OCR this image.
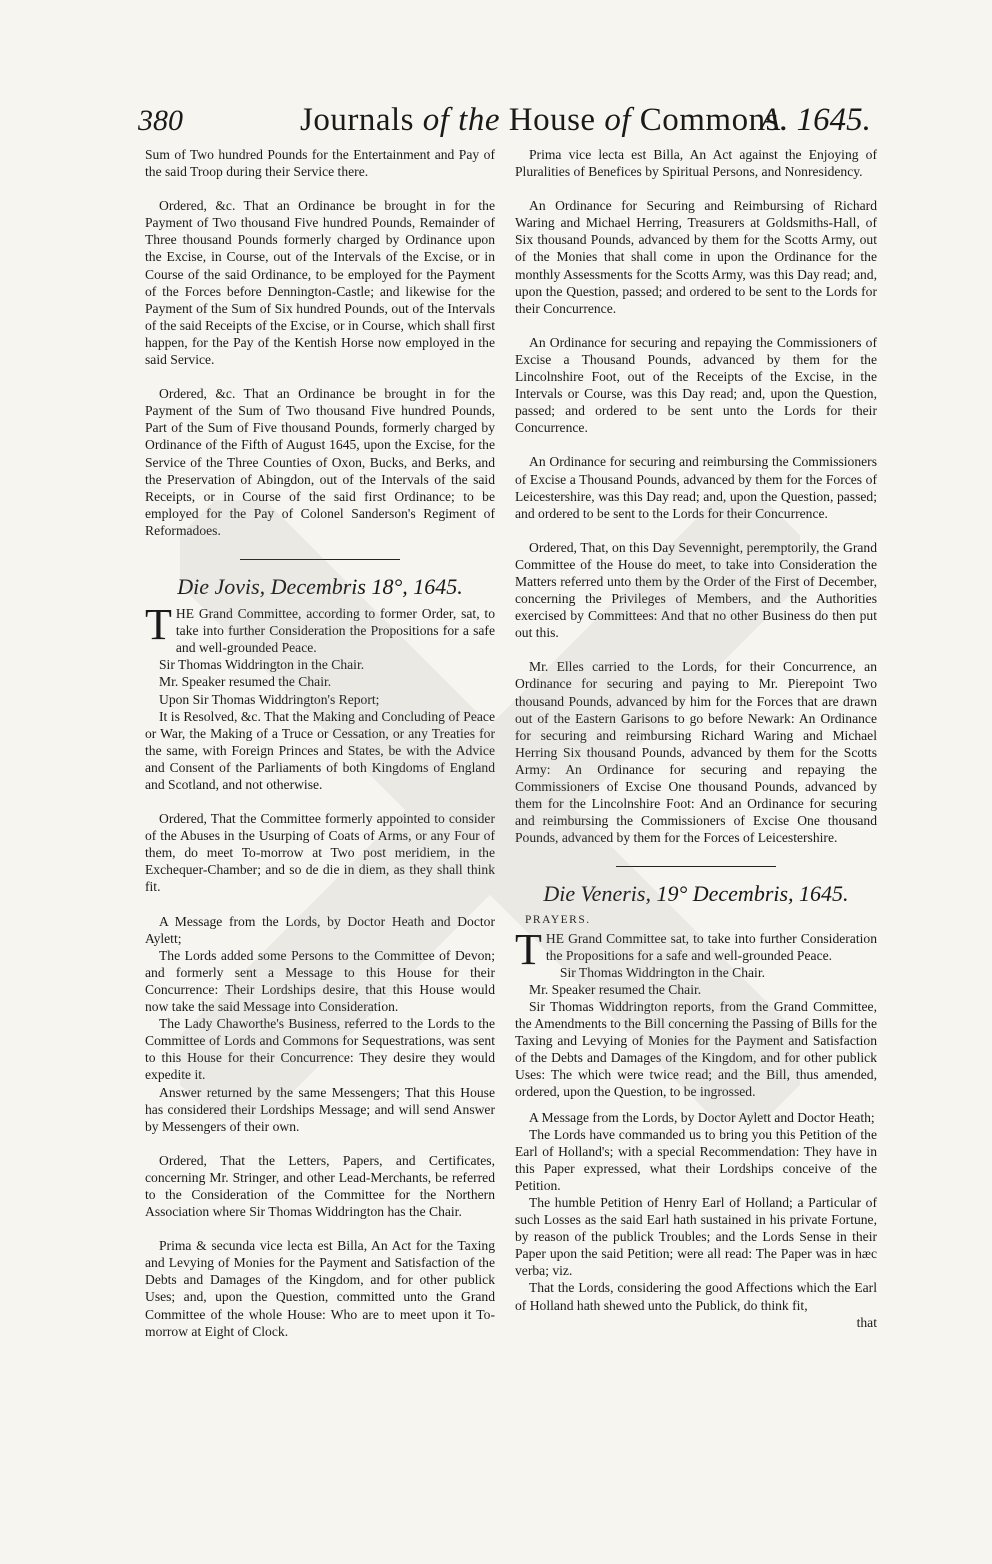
380	Journals of the House of Commons.
A. 1645.

Sum of Two hundred Pounds for the Entertainment and Pay of the said Troop during their Service there.

Ordered, &c. That an Ordinance be brought in for the Payment of Two thousand Five hundred Pounds, Remainder of Three thousand Pounds formerly charged by Ordinance upon the Excise, in Course, out of the Intervals of the Excise, or in Course of the said Ordinance, to be employed for the Payment of the Forces before Dennington-Castle; and likewise for the Payment of the Sum of Six hundred Pounds, out of the Intervals of the said Receipts of the Excise, or in Course, which shall first happen, for the Pay of the Kentish Horse now employed in the said Service.

Ordered, &c. That an Ordinance be brought in for the Payment of the Sum of Two thousand Five hundred Pounds, Part of the Sum of Five thousand Pounds, formerly charged by Ordinance of the Fifth of August 1645, upon the Excise, for the Service of the Three Counties of Oxon, Bucks, and Berks, and the Preservation of Abingdon, out of the Intervals of the said Receipts, or in Course of the said first Ordinance; to be employed for the Pay of Colonel Sanderson's Regiment of Reformadoes.

Die Jovis, Decembris 18°, 1645.

T HE Grand Committee, according to former Order, sat, to take into further Consideration the Propositions for a safe and well-grounded Peace.

Sir Thomas Widdrington in the Chair.

Mr. Speaker resumed the Chair.

Upon Sir Thomas Widdrington's Report;

It is Resolved, &c. That the Making and Concluding of Peace or War, the Making of a Truce or Cessation, or any Treaties for the same, with Foreign Princes and States, be with the Advice and Consent of the Parliaments of both Kingdoms of England and Scotland, and not otherwise.

Ordered, That the Committee formerly appointed to consider of the Abuses in the Usurping of Coats of Arms, or any Four of them, do meet To-morrow at Two post meridiem, in the Exchequer-Chamber; and so de die in diem, as they shall think fit.

A Message from the Lords, by Doctor Heath and Doctor Aylett;

The Lords added some Persons to the Committee of Devon; and formerly sent a Message to this House for their Concurrence: Their Lordships desire, that this House would now take the said Message into Consideration.

The Lady Chaworthe's Business, referred to the Lords to the Committee of Lords and Commons for Sequestrations, was sent to this House for their Concurrence: They desire they would expedite it.

Answer returned by the same Messengers; That this House has considered their Lordships Message; and will send Answer by Messengers of their own.

Ordered, That the Letters, Papers, and Certificates, concerning Mr. Stringer, and other Lead-Merchants, be referred to the Consideration of the Committee for the Northern Association where Sir Thomas Widdrington has the Chair.

Prima & secunda vice lecta est Billa, An Act for the Taxing and Levying of Monies for the Payment and Satisfaction of the Debts and Damages of the Kingdom, and for other publick Uses; and, upon the Question, committed unto the Grand Committee of the whole House: Who are to meet upon it To-morrow at Eight of Clock.

Prima vice lecta est Billa, An Act against the Enjoying of Pluralities of Benefices by Spiritual Persons, and Nonresidency.

An Ordinance for Securing and Reimbursing of Richard Waring and Michael Herring, Treasurers at Goldsmiths-Hall, of Six thousand Pounds, advanced by them for the Scotts Army, out of the Monies that shall come in upon the Ordinance for the monthly Assessments for the Scotts Army, was this Day read; and, upon the Question, passed; and ordered to be sent to the Lords for their Concurrence.

An Ordinance for securing and repaying the Commissioners of Excise a Thousand Pounds, advanced by them for the Lincolnshire Foot, out of the Receipts of the Excise, in the Intervals or Course, was this Day read; and, upon the Question, passed; and ordered to be sent unto the Lords for their Concurrence.

An Ordinance for securing and reimbursing the Commissioners of Excise a Thousand Pounds, advanced by them for the Forces of Leicestershire, was this Day read; and, upon the Question, passed; and ordered to be sent to the Lords for their Concurrence.

Ordered, That, on this Day Sevennight, peremptorily, the Grand Committee of the House do meet, to take into Consideration the Matters referred unto them by the Order of the First of December, concerning the Privileges of Members, and the Authorities exercised by Committees: And that no other Business do then put out this.

Mr. Elles carried to the Lords, for their Concurrence, an Ordinance for securing and paying to Mr. Pierepoint Two thousand Pounds, advanced by him for the Forces that are drawn out of the Eastern Garisons to go before Newark: An Ordinance for securing and reimbursing Richard Waring and Michael Herring Six thousand Pounds, advanced by them for the Scotts Army: An Ordinance for securing and repaying the Commissioners of Excise One thousand Pounds, advanced by them for the Lincolnshire Foot: And an Ordinance for securing and reimbursing the Commissioners of Excise One thousand Pounds, advanced by them for the Forces of Leicestershire.

Die Veneris, 19° Decembris, 1645.

PRAYERS.

T HE Grand Committee sat, to take into further Consideration the Propositions for a safe and well-grounded Peace.

Sir Thomas Widdrington in the Chair.

Mr. Speaker resumed the Chair.

Sir Thomas Widdrington reports, from the Grand Committee, the Amendments to the Bill concerning the Passing of Bills for the Taxing and Levying of Monies for the Payment and Satisfaction of the Debts and Damages of the Kingdom, and for other publick Uses: The which were twice read; and the Bill, thus amended, ordered, upon the Question, to be ingrossed.

A Message from the Lords, by Doctor Aylett and Doctor Heath;

The Lords have commanded us to bring you this Petition of the Earl of Holland's; with a special Recommendation: They have in this Paper expressed, what their Lordships conceive of the Petition.

The humble Petition of Henry Earl of Holland; a Particular of such Losses as the said Earl hath sustained in his private Fortune, by reason of the publick Troubles; and the Lords Sense in their Paper upon the said Petition; were all read: The Paper was in hæc verba; viz.

That the Lords, considering the good Affections which the Earl of Holland hath shewed unto the Publick, do think fit,

that
